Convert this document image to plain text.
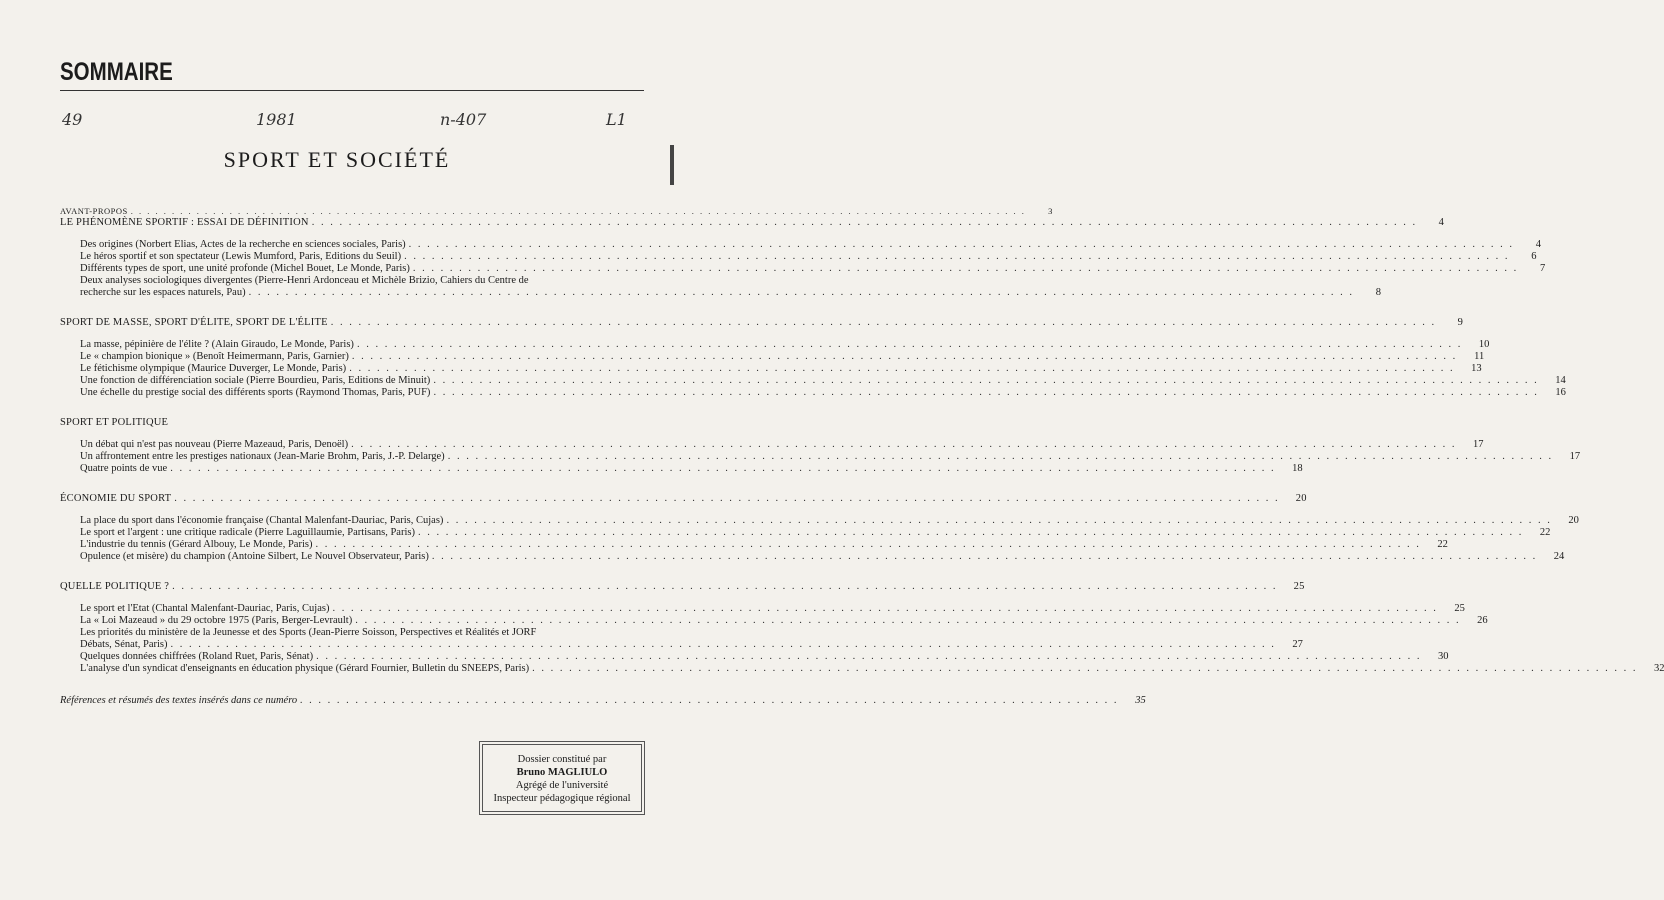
SOMMAIRE
49	1981	n-407	L1
SPORT ET SOCIÉTÉ
AVANT-PROPOS . . . . . . . . . . . . . . . . . . . . . . . . . . . . . . . . . . . . . . . . . . . . . . . . . . . . . . . . . . . . . . . . . . . . . . . . . . . . . . . . . . . . . . . . . . . . . . . . . . . . . . . . . . . . .	3
LE PHÉNOMÈNE SPORTIF : ESSAI DE DÉFINITION . . . . . . . . . . . . . . . . . . . . . . . . . . . . . . . . . . . . . . . . . . . . . . . . . . . . . . . . . . . . . . . . . . . . . . . . . . . . . . . . . . . . . . . . . . . . . . . . . . . . . . . . . . . . . . . . . . . . . . . .	4
Des origines (Norbert Elias, Actes de la recherche en sciences sociales, Paris) . . . . . . . . . . . . . . . . . . . . . . . . . . . . . . . . . . . . . . . . . . . . . . . . . . . . . . . . . . . . . . . . . . . . . . . . . . . . . . . . . . . . . . . . . . . . . . . . . . . . . . . . . . . . . . . . . . . . . . . .	4
Le héros sportif et son spectateur (Lewis Mumford, Paris, Editions du Seuil) . . . . . . . . . . . . . . . . . . . . . . . . . . . . . . . . . . . . . . . . . . . . . . . . . . . . . . . . . . . . . . . . . . . . . . . . . . . . . . . . . . . . . . . . . . . . . . . . . . . . . . . . . . . . . . . . . . . . . . . .	6
Différents types de sport, une unité profonde (Michel Bouet, Le Monde, Paris) . . . . . . . . . . . . . . . . . . . . . . . . . . . . . . . . . . . . . . . . . . . . . . . . . . . . . . . . . . . . . . . . . . . . . . . . . . . . . . . . . . . . . . . . . . . . . . . . . . . . . . . . . . . . . . . . . . . . . . . .	7
Deux analyses sociologiques divergentes (Pierre-Henri Ardonceau et Michèle Brizio, Cahiers du Centre de
recherche sur les espaces naturels, Pau) . . . . . . . . . . . . . . . . . . . . . . . . . . . . . . . . . . . . . . . . . . . . . . . . . . . . . . . . . . . . . . . . . . . . . . . . . . . . . . . . . . . . . . . . . . . . . . . . . . . . . . . . . . . . . . . . . . . . . . . .	8
SPORT DE MASSE, SPORT D'ÉLITE, SPORT DE L'ÉLITE . . . . . . . . . . . . . . . . . . . . . . . . . . . . . . . . . . . . . . . . . . . . . . . . . . . . . . . . . . . . . . . . . . . . . . . . . . . . . . . . . . . . . . . . . . . . . . . . . . . . . . . . . . . . . . . . . . . . . . . .	9
La masse, pépinière de l'élite ? (Alain Giraudo, Le Monde, Paris) . . . . . . . . . . . . . . . . . . . . . . . . . . . . . . . . . . . . . . . . . . . . . . . . . . . . . . . . . . . . . . . . . . . . . . . . . . . . . . . . . . . . . . . . . . . . . . . . . . . . . . . . . . . . . . . . . . . . . . . .	10
Le « champion bionique » (Benoît Heimermann, Paris, Garnier) . . . . . . . . . . . . . . . . . . . . . . . . . . . . . . . . . . . . . . . . . . . . . . . . . . . . . . . . . . . . . . . . . . . . . . . . . . . . . . . . . . . . . . . . . . . . . . . . . . . . . . . . . . . . . . . . . . . . . . . .	11
Le fétichisme olympique (Maurice Duverger, Le Monde, Paris) . . . . . . . . . . . . . . . . . . . . . . . . . . . . . . . . . . . . . . . . . . . . . . . . . . . . . . . . . . . . . . . . . . . . . . . . . . . . . . . . . . . . . . . . . . . . . . . . . . . . . . . . . . . . . . . . . . . . . . . .	13
Une fonction de différenciation sociale (Pierre Bourdieu, Paris, Editions de Minuit) . . . . . . . . . . . . . . . . . . . . . . . . . . . . . . . . . . . . . . . . . . . . . . . . . . . . . . . . . . . . . . . . . . . . . . . . . . . . . . . . . . . . . . . . . . . . . . . . . . . . . . . . . . . . . . . . . . . . . . . .	14
Une échelle du prestige social des différents sports (Raymond Thomas, Paris, PUF) . . . . . . . . . . . . . . . . . . . . . . . . . . . . . . . . . . . . . . . . . . . . . . . . . . . . . . . . . . . . . . . . . . . . . . . . . . . . . . . . . . . . . . . . . . . . . . . . . . . . . . . . . . . . . . . . . . . . . . . .	16
SPORT ET POLITIQUE
Un débat qui n'est pas nouveau (Pierre Mazeaud, Paris, Denoël) . . . . . . . . . . . . . . . . . . . . . . . . . . . . . . . . . . . . . . . . . . . . . . . . . . . . . . . . . . . . . . . . . . . . . . . . . . . . . . . . . . . . . . . . . . . . . . . . . . . . . . . . . . . . . . . . . . . . . . . .	17
Un affrontement entre les prestiges nationaux (Jean-Marie Brohm, Paris, J.-P. Delarge) . . . . . . . . . . . . . . . . . . . . . . . . . . . . . . . . . . . . . . . . . . . . . . . . . . . . . . . . . . . . . . . . . . . . . . . . . . . . . . . . . . . . . . . . . . . . . . . . . . . . . . . . . . . . . . . . . . . . . . . .	17
Quatre points de vue . . . . . . . . . . . . . . . . . . . . . . . . . . . . . . . . . . . . . . . . . . . . . . . . . . . . . . . . . . . . . . . . . . . . . . . . . . . . . . . . . . . . . . . . . . . . . . . . . . . . . . . . . . . . . . . . . . . . . . . .	18
ÉCONOMIE DU SPORT . . . . . . . . . . . . . . . . . . . . . . . . . . . . . . . . . . . . . . . . . . . . . . . . . . . . . . . . . . . . . . . . . . . . . . . . . . . . . . . . . . . . . . . . . . . . . . . . . . . . . . . . . . . . . . . . . . . . . . . .	20
La place du sport dans l'économie française (Chantal Malenfant-Dauriac, Paris, Cujas) . . . . . . . . . . . . . . . . . . . . . . . . . . . . . . . . . . . . . . . . . . . . . . . . . . . . . . . . . . . . . . . . . . . . . . . . . . . . . . . . . . . . . . . . . . . . . . . . . . . . . . . . . . . . . . . . . . . . . . . .	20
Le sport et l'argent : une critique radicale (Pierre Laguillaumie, Partisans, Paris) . . . . . . . . . . . . . . . . . . . . . . . . . . . . . . . . . . . . . . . . . . . . . . . . . . . . . . . . . . . . . . . . . . . . . . . . . . . . . . . . . . . . . . . . . . . . . . . . . . . . . . . . . . . . . . . . . . . . . . . .	22
L'industrie du tennis (Gérard Albouy, Le Monde, Paris) . . . . . . . . . . . . . . . . . . . . . . . . . . . . . . . . . . . . . . . . . . . . . . . . . . . . . . . . . . . . . . . . . . . . . . . . . . . . . . . . . . . . . . . . . . . . . . . . . . . . . . . . . . . . . . . . . . . . . . . .	22
Opulence (et misère) du champion (Antoine Silbert, Le Nouvel Observateur, Paris) . . . . . . . . . . . . . . . . . . . . . . . . . . . . . . . . . . . . . . . . . . . . . . . . . . . . . . . . . . . . . . . . . . . . . . . . . . . . . . . . . . . . . . . . . . . . . . . . . . . . . . . . . . . . . . . . . . . . . . . .	24
QUELLE POLITIQUE ? . . . . . . . . . . . . . . . . . . . . . . . . . . . . . . . . . . . . . . . . . . . . . . . . . . . . . . . . . . . . . . . . . . . . . . . . . . . . . . . . . . . . . . . . . . . . . . . . . . . . . . . . . . . . . . . . . . . . . . . .	25
Le sport et l'Etat (Chantal Malenfant-Dauriac, Paris, Cujas) . . . . . . . . . . . . . . . . . . . . . . . . . . . . . . . . . . . . . . . . . . . . . . . . . . . . . . . . . . . . . . . . . . . . . . . . . . . . . . . . . . . . . . . . . . . . . . . . . . . . . . . . . . . . . . . . . . . . . . . .	25
La « Loi Mazeaud » du 29 octobre 1975 (Paris, Berger-Levrault) . . . . . . . . . . . . . . . . . . . . . . . . . . . . . . . . . . . . . . . . . . . . . . . . . . . . . . . . . . . . . . . . . . . . . . . . . . . . . . . . . . . . . . . . . . . . . . . . . . . . . . . . . . . . . . . . . . . . . . . .	26
Les priorités du ministère de la Jeunesse et des Sports (Jean-Pierre Soisson, Perspectives et Réalités et JORF
Débats, Sénat, Paris) . . . . . . . . . . . . . . . . . . . . . . . . . . . . . . . . . . . . . . . . . . . . . . . . . . . . . . . . . . . . . . . . . . . . . . . . . . . . . . . . . . . . . . . . . . . . . . . . . . . . . . . . . . . . . . . . . . . . . . . .	27
Quelques données chiffrées (Roland Ruet, Paris, Sénat) . . . . . . . . . . . . . . . . . . . . . . . . . . . . . . . . . . . . . . . . . . . . . . . . . . . . . . . . . . . . . . . . . . . . . . . . . . . . . . . . . . . . . . . . . . . . . . . . . . . . . . . . . . . . . . . . . . . . . . . .	30
L'analyse d'un syndicat d'enseignants en éducation physique (Gérard Fournier, Bulletin du SNEEPS, Paris) . . . . . . . . . . . . . . . . . . . . . . . . . . . . . . . . . . . . . . . . . . . . . . . . . . . . . . . . . . . . . . . . . . . . . . . . . . . . . . . . . . . . . . . . . . . . . . . . . . . . . . . . . . . . . . . . . . . . . . . .	32
Références et résumés des textes insérés dans ce numéro . . . . . . . . . . . . . . . . . . . . . . . . . . . . . . . . . . . . . . . . . . . . . . . . . . . . . . . . . . . . . . . . . . . . . . . . . . . . . . . . . . . . . . . . .	35
Dossier constitué par
Bruno MAGLIULO
Agrégé de l'université
Inspecteur pédagogique régional
